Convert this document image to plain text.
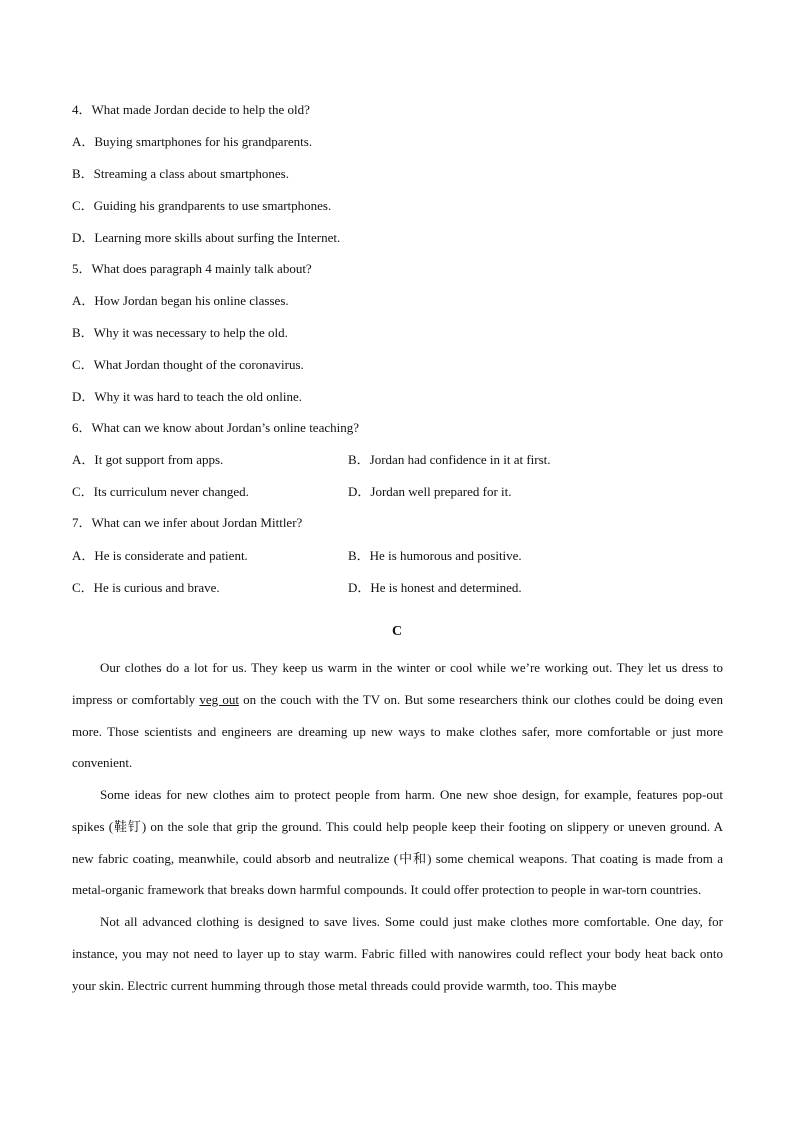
4．What made Jordan decide to help the old?
A．Buying smartphones for his grandparents.
B．Streaming a class about smartphones.
C．Guiding his grandparents to use smartphones.
D．Learning more skills about surfing the Internet.
5．What does paragraph 4 mainly talk about?
A．How Jordan began his online classes.
B．Why it was necessary to help the old.
C．What Jordan thought of the coronavirus.
D．Why it was hard to teach the old online.
6．What can we know about Jordan’s online teaching?
A．It got support from apps.	B．Jordan had confidence in it at first.
C．Its curriculum never changed.	D．Jordan well prepared for it.
7．What can we infer about Jordan Mittler?
A．He is considerate and patient.	B．He is humorous and positive.
C．He is curious and brave.	D．He is honest and determined.
C

Our clothes do a lot for us. They keep us warm in the winter or cool while we’re working out. They let us dress to impress or comfortably veg out on the couch with the TV on. But some researchers think our clothes could be doing even more. Those scientists and engineers are dreaming up new ways to make clothes safer, more comfortable or just more convenient.

Some ideas for new clothes aim to protect people from harm. One new shoe design, for example, features pop-out spikes (鞋钉) on the sole that grip the ground. This could help people keep their footing on slippery or uneven ground. A new fabric coating, meanwhile, could absorb and neutralize (中和) some chemical weapons. That coating is made from a metal-organic framework that breaks down harmful compounds. It could offer protection to people in war-torn countries.

Not all advanced clothing is designed to save lives. Some could just make clothes more comfortable. One day, for instance, you may not need to layer up to stay warm. Fabric filled with nanowires could reflect your body heat back onto your skin. Electric current humming through those metal threads could provide warmth, too. This maybe
